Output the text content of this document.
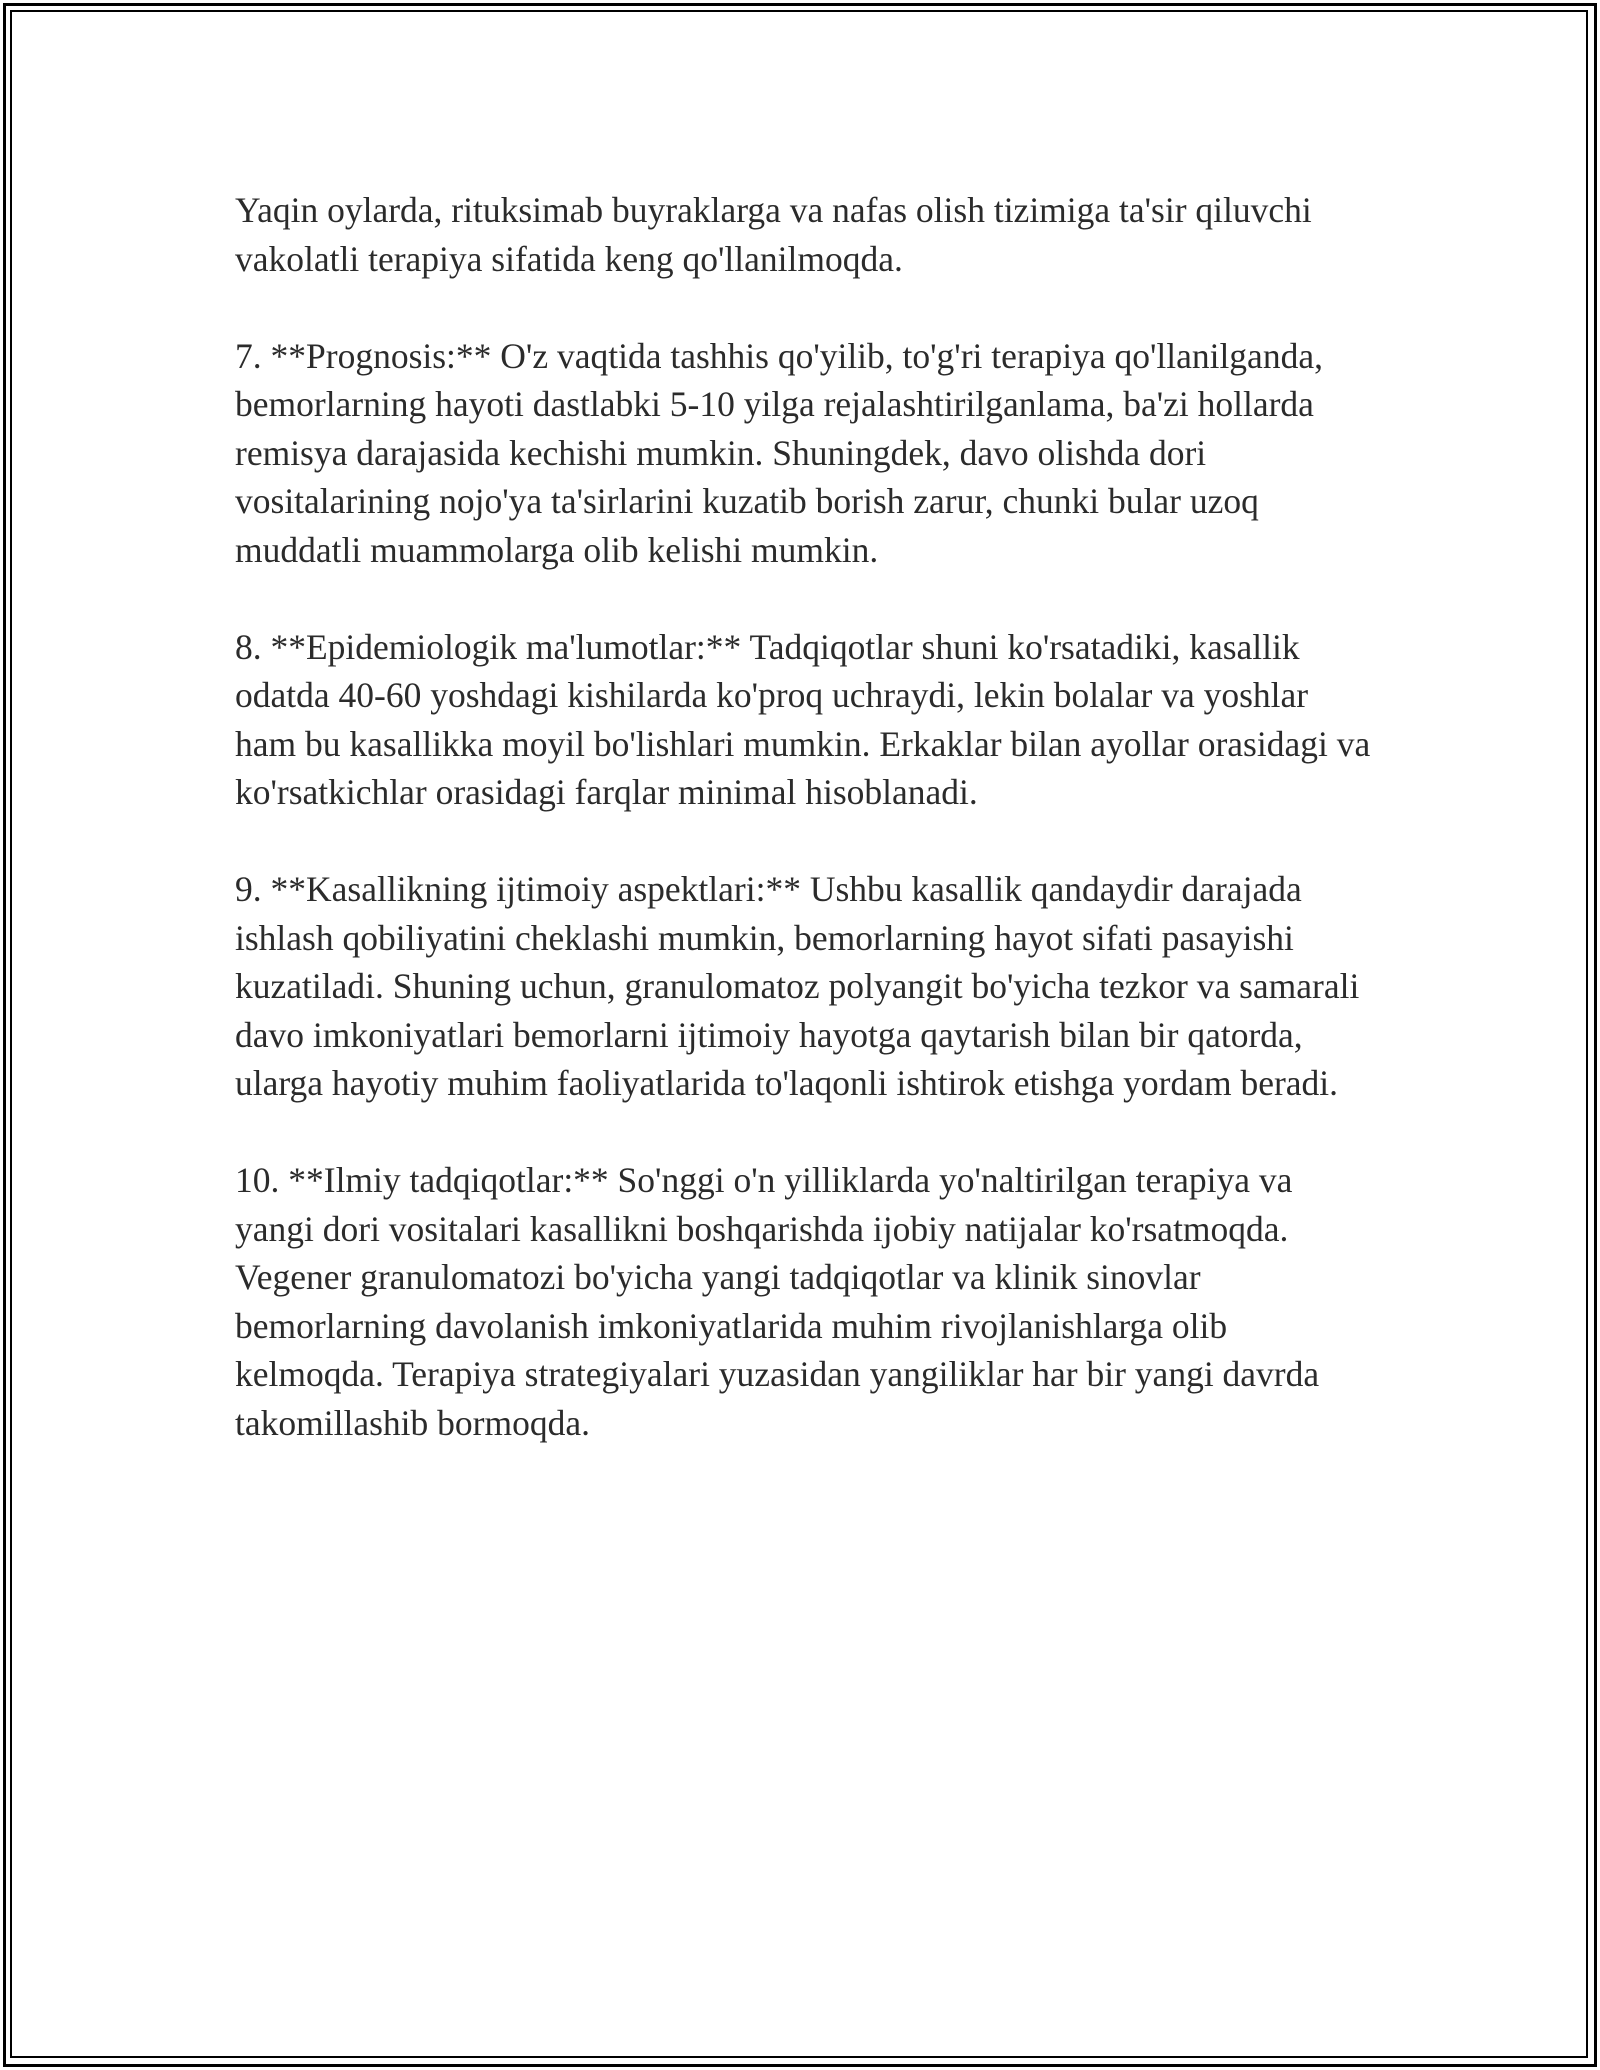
Yaqin oylarda, rituksimab buyraklarga va nafas olish tizimiga ta'sir qiluvchi vakolatli terapiya sifatida keng qo'llanilmoqda.

7. **Prognosis:** O'z vaqtida tashhis qo'yilib, to'g'ri terapiya qo'llanilganda, bemorlarning hayoti dastlabki 5-10 yilga rejalashtirilganlama, ba'zi hollarda remisya darajasida kechishi mumkin. Shuningdek, davo olishda dori vositalarining nojo'ya ta'sirlarini kuzatib borish zarur, chunki bular uzoq muddatli muammolarga olib kelishi mumkin.

8. **Epidemiologik ma'lumotlar:** Tadqiqotlar shuni ko'rsatadiki, kasallik odatda 40-60 yoshdagi kishilarda ko'proq uchraydi, lekin bolalar va yoshlar ham bu kasallikka moyil bo'lishlari mumkin. Erkaklar bilan ayollar orasidagi va ko'rsatkichlar orasidagi farqlar minimal hisoblanadi.

9. **Kasallikning ijtimoiy aspektlari:** Ushbu kasallik qandaydir darajada ishlash qobiliyatini cheklashi mumkin, bemorlarning hayot sifati pasayishi kuzatiladi. Shuning uchun, granulomatoz polyangit bo'yicha tezkor va samarali davo imkoniyatlari bemorlarni ijtimoiy hayotga qaytarish bilan bir qatorda, ularga hayotiy muhim faoliyatlarida to'laqonli ishtirok etishga yordam beradi.

10. **Ilmiy tadqiqotlar:** So'nggi o'n yilliklarda yo'naltirilgan terapiya va yangi dori vositalari kasallikni boshqarishda ijobiy natijalar ko'rsatmoqda. Vegener granulomatozi bo'yicha yangi tadqiqotlar va klinik sinovlar bemorlarning davolanish imkoniyatlarida muhim rivojlanishlarga olib kelmoqda. Terapiya strategiyalari yuzasidan yangiliklar har bir yangi davrda takomillashib bormoqda.
